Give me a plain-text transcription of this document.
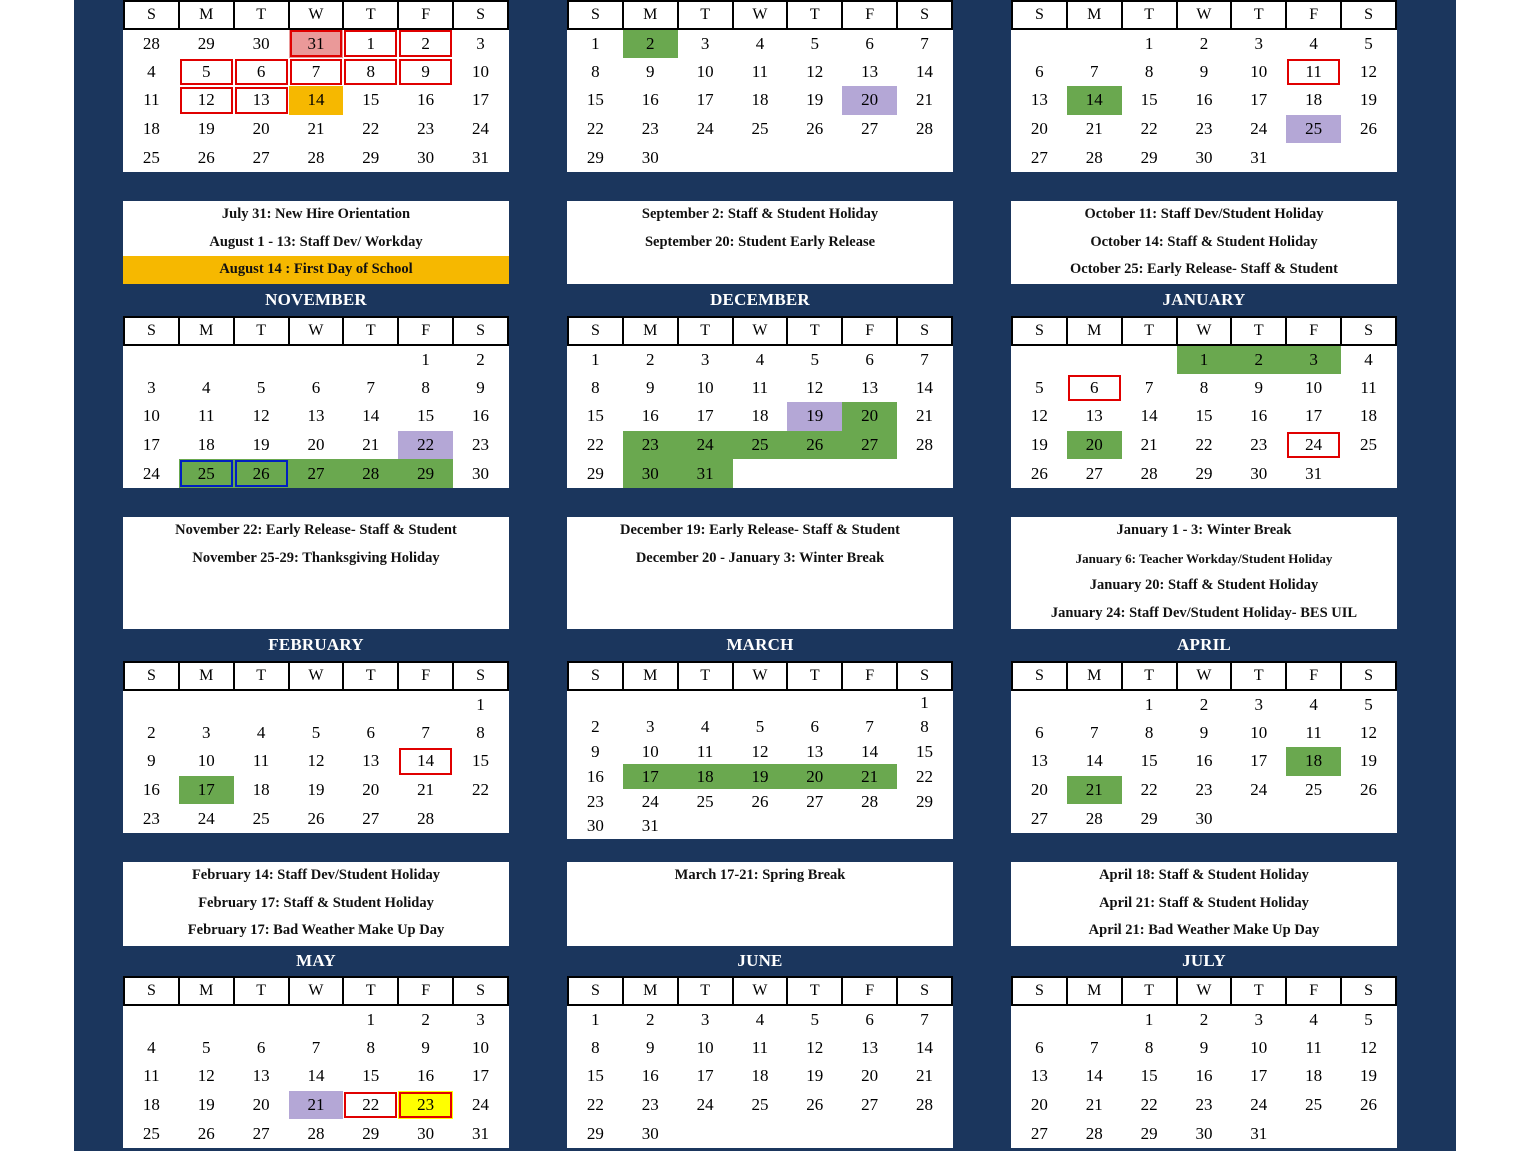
S	M	T	W	T	F	S
28	29	30	31	1	2	3
4	5	6	7	8	9	10
11	12	13	14	15	16	17
18	19	20	21	22	23	24
25	26	27	28	29	30	31
July 31: New Hire Orientation
August 1 - 13: Staff Dev/ Workday
August 14 : First Day of School
S	M	T	W	T	F	S
1	2	3	4	5	6	7
8	9	10	11	12	13	14
15	16	17	18	19	20	21
22	23	24	25	26	27	28
29	30					
September 2: Staff & Student Holiday
September 20: Student Early Release
S	M	T	W	T	F	S
		1	2	3	4	5
6	7	8	9	10	11	12
13	14	15	16	17	18	19
20	21	22	23	24	25	26
27	28	29	30	31		
October 11: Staff Dev/Student Holiday
October 14: Staff & Student Holiday
October 25: Early Release- Staff & Student
NOVEMBER
S	M	T	W	T	F	S
					1	2
3	4	5	6	7	8	9
10	11	12	13	14	15	16
17	18	19	20	21	22	23
24	25	26	27	28	29	30
November 22: Early Release- Staff & Student
November 25-29: Thanksgiving Holiday
DECEMBER
S	M	T	W	T	F	S
1	2	3	4	5	6	7
8	9	10	11	12	13	14
15	16	17	18	19	20	21
22	23	24	25	26	27	28
29	30	31				
December 19: Early Release- Staff & Student
December 20 - January 3: Winter Break
JANUARY
S	M	T	W	T	F	S
			1	2	3	4
5	6	7	8	9	10	11
12	13	14	15	16	17	18
19	20	21	22	23	24	25
26	27	28	29	30	31	
January 1 - 3: Winter Break
January 6: Teacher Workday/Student Holiday
January 20: Staff & Student Holiday
January 24: Staff Dev/Student Holiday- BES UIL
FEBRUARY
S	M	T	W	T	F	S
						1
2	3	4	5	6	7	8
9	10	11	12	13	14	15
16	17	18	19	20	21	22
23	24	25	26	27	28	
February 14: Staff Dev/Student Holiday
February 17: Staff & Student Holiday
February 17: Bad Weather Make Up Day
MARCH
S	M	T	W	T	F	S
						1
2	3	4	5	6	7	8
9	10	11	12	13	14	15
16	17	18	19	20	21	22
23	24	25	26	27	28	29
30	31					
March 17-21: Spring Break
APRIL
S	M	T	W	T	F	S
		1	2	3	4	5
6	7	8	9	10	11	12
13	14	15	16	17	18	19
20	21	22	23	24	25	26
27	28	29	30			
April 18: Staff & Student Holiday
April 21: Staff & Student Holiday
April 21: Bad Weather Make Up Day
MAY
S	M	T	W	T	F	S
				1	2	3
4	5	6	7	8	9	10
11	12	13	14	15	16	17
18	19	20	21	22	23	24
25	26	27	28	29	30	31
JUNE
S	M	T	W	T	F	S
1	2	3	4	5	6	7
8	9	10	11	12	13	14
15	16	17	18	19	20	21
22	23	24	25	26	27	28
29	30					
JULY
S	M	T	W	T	F	S
		1	2	3	4	5
6	7	8	9	10	11	12
13	14	15	16	17	18	19
20	21	22	23	24	25	26
27	28	29	30	31		
